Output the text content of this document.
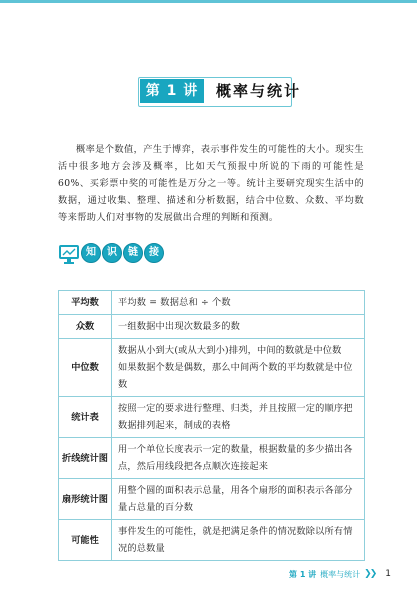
第 1 讲	概率与统计

概率是个数值，产生于博弈，表示事件发生的可能性的大小。现实生活中很多地方会涉及概率，比如天气预报中所说的下雨的可能性是 60%、买彩票中奖的可能性是万分之一等。统计主要研究现实生活中的数据，通过收集、整理、描述和分析数据，结合中位数、众数、平均数等来帮助人们对事物的发展做出合理的判断和预测。

知	识	链	接
平均数	平均数 = 数据总和 ÷ 个数
众数	一组数据中出现次数最多的数
中位数	数据从小到大(或从大到小)排列，中间的数就是中位数
如果数据个数是偶数，那么中间两个数的平均数就是中位数
统计表	按照一定的要求进行整理、归类，并且按照一定的顺序把数据排列起来，制成的表格
折线统计图	用一个单位长度表示一定的数量，根据数量的多少描出各点，然后用线段把各点顺次连接起来
扇形统计图	用整个圆的面积表示总量，用各个扇形的面积表示各部分量占总量的百分数
可能性	事件发生的可能性，就是把满足条件的情况数除以所有情况的总数量
第 1 讲 概率与统计 ❯❯ 1
